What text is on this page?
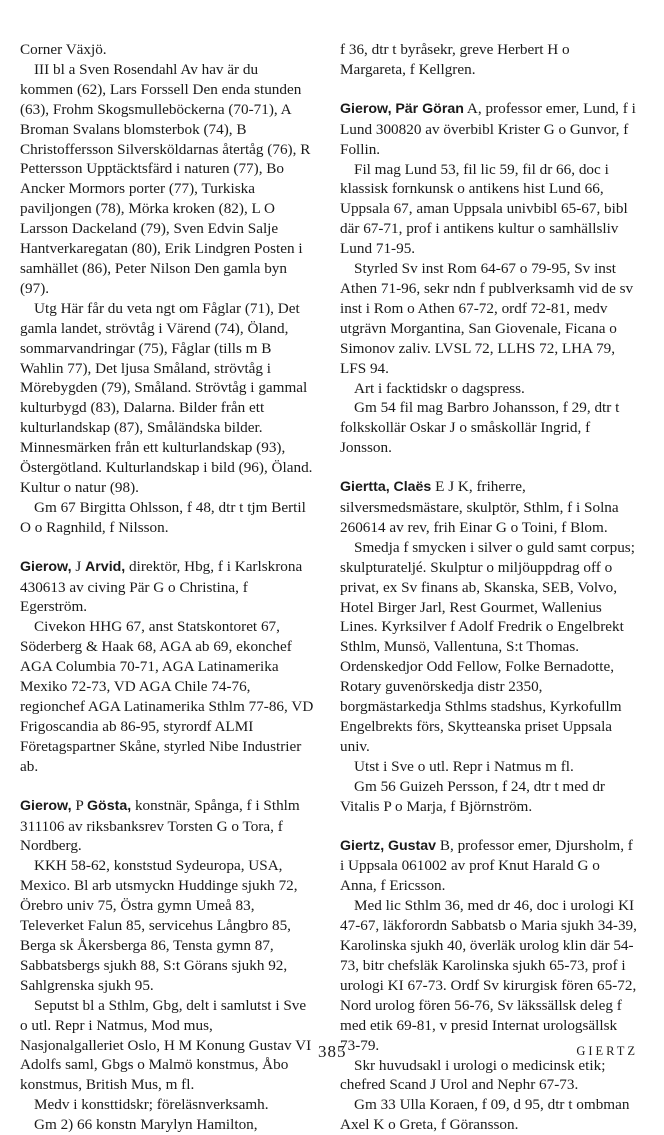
Corner Växjö.

III bl a Sven Rosendahl Av hav är du kommen (62), Lars Forssell Den enda stunden (63), Frohm Skogsmulleböckerna (70-71), A Broman Svalans blomsterbok (74), B Christoffersson Silversköldarnas återtåg (76), R Pettersson Upptäcktsfärd i naturen (77), Bo Ancker Mormors porter (77), Turkiska paviljongen (78), Mörka kroken (82), L O Larsson Dackeland (79), Sven Edvin Salje Hantverkaregatan (80), Erik Lindgren Posten i samhället (86), Peter Nilson Den gamla byn (97).

Utg Här får du veta ngt om Fåglar (71), Det gamla landet, strövtåg i Värend (74), Öland, sommarvandringar (75), Fåglar (tills m B Wahlin 77), Det ljusa Småland, strövtåg i Mörebygden (79), Småland. Strövtåg i gammal kulturbygd (83), Dalarna. Bilder från ett kulturlandskap (87), Småländska bilder. Minnesmärken från ett kulturlandskap (93), Östergötland. Kulturlandskap i bild (96), Öland. Kultur o natur (98).

Gm 67 Birgitta Ohlsson, f 48, dtr t tjm Bertil O o Ragnhild, f Nilsson.

Gierow, J Arvid, direktör, Hbg, f i Karlskrona 430613 av civing Pär G o Christina, f Egerström.

Civekon HHG 67, anst Statskontoret 67, Söderberg & Haak 68, AGA ab 69, ekonchef AGA Columbia 70-71, AGA Latinamerika Mexiko 72-73, VD AGA Chile 74-76, regionchef AGA Latinamerika Sthlm 77-86, VD Frigoscandia ab 86-95, styrordf ALMI Företagspartner Skåne, styrled Nibe Industrier ab.

Gierow, P Gösta, konstnär, Spånga, f i Sthlm 311106 av riksbanksrev Torsten G o Tora, f Nordberg.

KKH 58-62, konststud Sydeuropa, USA, Mexico. Bl arb utsmyckn Huddinge sjukh 72, Örebro univ 75, Östra gymn Umeå 83, Televerket Falun 85, servicehus Långbro 85, Berga sk Åkersberga 86, Tensta gymn 87, Sabbatsbergs sjukh 88, S:t Görans sjukh 92, Sahlgrenska sjukh 95.

Seputst bl a Sthlm, Gbg, delt i samlutst i Sve o utl. Repr i Natmus, Mod mus, Nasjonalgalleriet Oslo, H M Konung Gustav VI Adolfs saml, Gbgs o Malmö konstmus, Åbo konstmus, British Mus, m fl.

Medv i konsttidskr; föreläsnverksamh.

Gm 2) 66 konstn Marylyn Hamilton,

f 36, dtr t byråsekr, greve Herbert H o Margareta, f Kellgren.

Gierow, Pär Göran A, professor emer, Lund, f i Lund 300820 av överbibl Krister G o Gunvor, f Follin.

Fil mag Lund 53, fil lic 59, fil dr 66, doc i klassisk fornkunsk o antikens hist Lund 66, Uppsala 67, aman Uppsala univbibl 65-67, bibl där 67-71, prof i antikens kultur o samhällsliv Lund 71-95.

Styrled Sv inst Rom 64-67 o 79-95, Sv inst Athen 71-96, sekr ndn f publverksamh vid de sv inst i Rom o Athen 67-72, ordf 72-81, medv utgrävn Morgantina, San Giovenale, Ficana o Simonov zaliv. LVSL 72, LLHS 72, LHA 79, LFS 94.

Art i facktidskr o dagspress.

Gm 54 fil mag Barbro Johansson, f 29, dtr t folkskollär Oskar J o småskollär Ingrid, f Jonsson.

Giertta, Claës E J K, friherre, silversmedsmästare, skulptör, Sthlm, f i Solna 260614 av rev, frih Einar G o Toini, f Blom.

Smedja f smycken i silver o guld samt corpus; skulpturateljé. Skulptur o miljöuppdrag off o privat, ex Sv finans ab, Skanska, SEB, Volvo, Hotel Birger Jarl, Rest Gourmet, Wallenius Lines. Kyrksilver f Adolf Fredrik o Engelbrekt Sthlm, Munsö, Vallentuna, S:t Thomas. Ordenskedjor Odd Fellow, Folke Bernadotte, Rotary guvenörskedja distr 2350, borgmästarkedja Sthlms stadshus, Kyrkofullm Engelbrekts förs, Skytteanska priset Uppsala univ.

Utst i Sve o utl. Repr i Natmus m fl.

Gm 56 Guizeh Persson, f 24, dtr t med dr Vitalis P o Marja, f Björnström.

Giertz, Gustav B, professor emer, Djursholm, f i Uppsala 061002 av prof Knut Harald G o Anna, f Ericsson.

Med lic Sthlm 36, med dr 46, doc i urologi KI 47-67, läkforordn Sabbatsb o Maria sjukh 34-39, Karolinska sjukh 40, överläk urolog klin där 54-73, bitr chefsläk Karolinska sjukh 65-73, prof i urologi KI 67-73. Ordf Sv kirurgisk fören 65-72, Nord urolog fören 56-76, Sv läkssällsk deleg f med etik 69-81, v presid Internat urologsällsk 73-79.

Skr huvudsakl i urologi o medicinsk etik; chefred Scand J Urol and Nephr 67-73.

Gm 33 Ulla Koraen, f 09, d 95, dtr t ombman Axel K o Greta, f Göransson.

385	GIERTZ
